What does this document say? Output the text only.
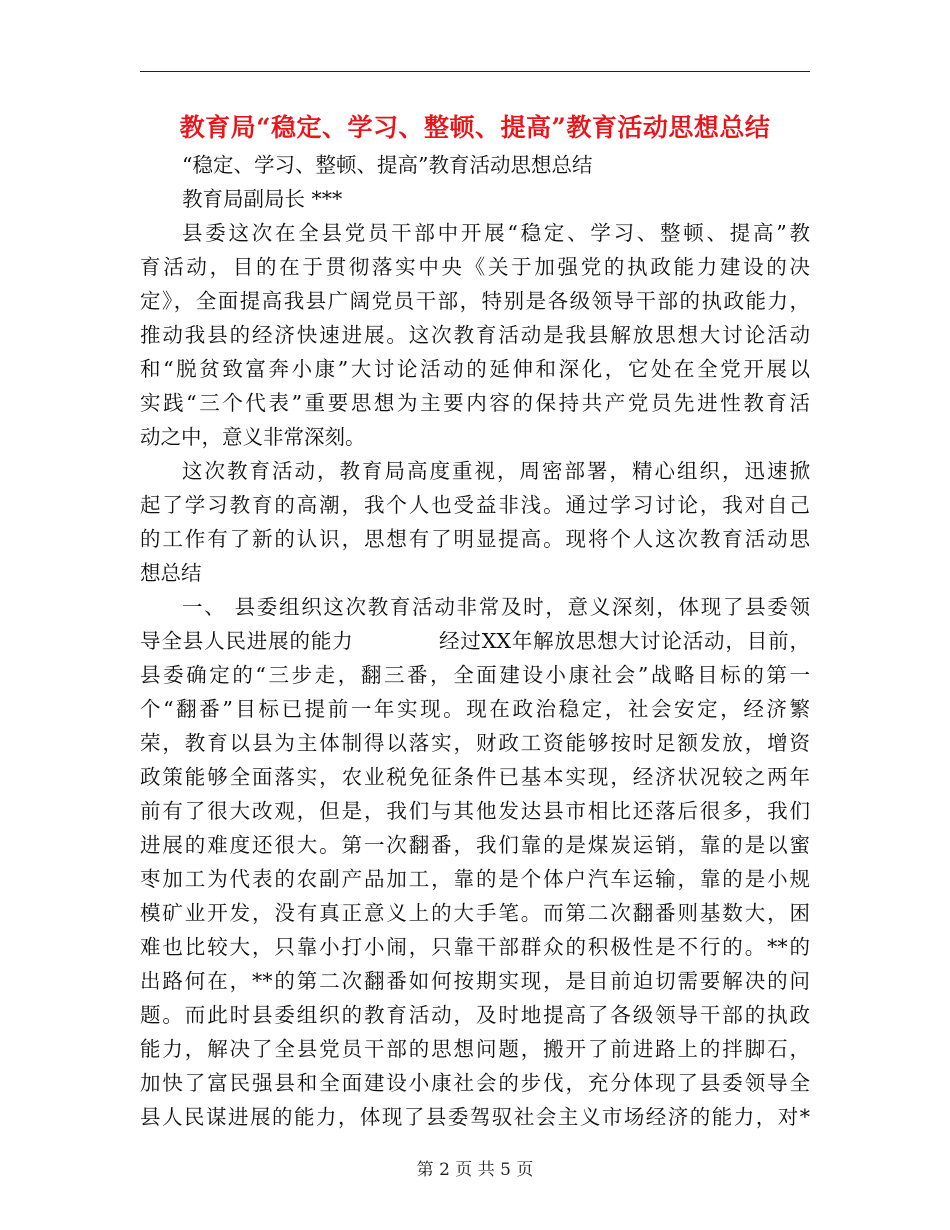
教育局“稳定、学习、整顿、提高”教育活动思想总结
“稳定、学习、整顿、提高”教育活动思想总结
教育局副局长 ***
县委这次在全县党员干部中开展“稳定、学习、整顿、提高”教
育活动，目的在于贯彻落实中央《关于加强党的执政能力建设的决
定》，全面提高我县广阔党员干部，特别是各级领导干部的执政能力，
推动我县的经济快速进展。这次教育活动是我县解放思想大讨论活动
和“脱贫致富奔小康”大讨论活动的延伸和深化，它处在全党开展以
实践“三个代表”重要思想为主要内容的保持共产党员先进性教育活
动之中，意义非常深刻。
这次教育活动，教育局高度重视，周密部署，精心组织，迅速掀
起了学习教育的高潮，我个人也受益非浅。通过学习讨论，我对自己
的工作有了新的认识，思想有了明显提高。现将个人这次教育活动思
想总结
一、 县委组织这次教育活动非常及时，意义深刻，体现了县委领
导全县人民进展的能力　　　　经过XX年解放思想大讨论活动，目前，
县委确定的“三步走，翻三番，全面建设小康社会”战略目标的第一
个“翻番”目标已提前一年实现。现在政治稳定，社会安定，经济繁
荣，教育以县为主体制得以落实，财政工资能够按时足额发放，增资
政策能够全面落实，农业税免征条件已基本实现，经济状况较之两年
前有了很大改观，但是，我们与其他发达县市相比还落后很多，我们
进展的难度还很大。第一次翻番，我们靠的是煤炭运销，靠的是以蜜
枣加工为代表的农副产品加工，靠的是个体户汽车运输，靠的是小规
模矿业开发，没有真正意义上的大手笔。而第二次翻番则基数大，困
难也比较大，只靠小打小闹，只靠干部群众的积极性是不行的。**的
出路何在，**的第二次翻番如何按期实现，是目前迫切需要解决的问
题。而此时县委组织的教育活动，及时地提高了各级领导干部的执政
能力，解决了全县党员干部的思想问题，搬开了前进路上的拌脚石，
加快了富民强县和全面建设小康社会的步伐，充分体现了县委领导全
县人民谋进展的能力，体现了县委驾驭社会主义市场经济的能力，对*
第 2 页 共 5 页
